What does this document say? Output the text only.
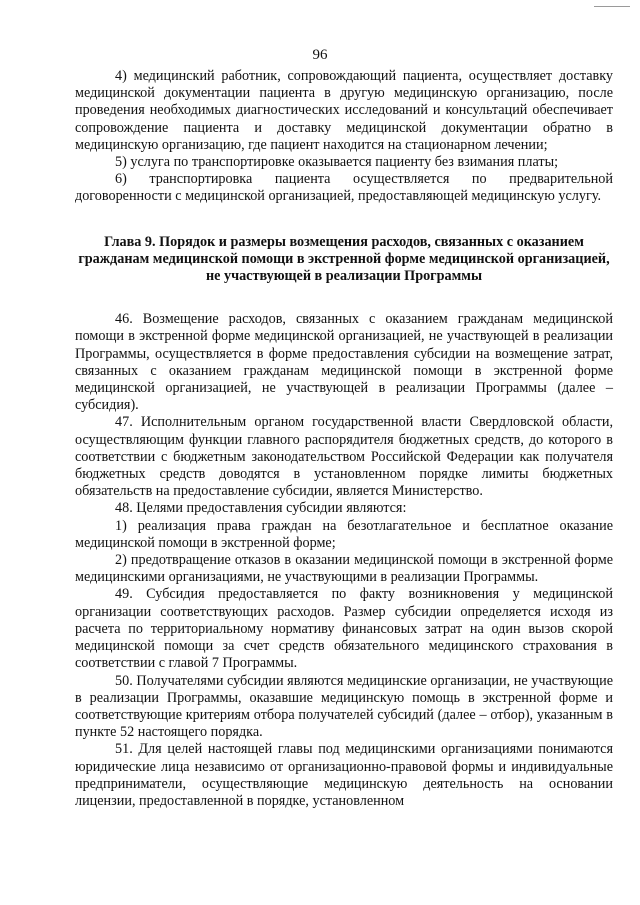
96

4) медицинский работник, сопровождающий пациента, осуществляет доставку медицинской документации пациента в другую медицинскую организацию, после проведения необходимых диагностических исследований и консультаций обеспечивает сопровождение пациента и доставку медицинской документации обратно в медицинскую организацию, где пациент находится на стационарном лечении;

5) услуга по транспортировке оказывается пациенту без взимания платы;

6) транспортировка пациента осуществляется по предварительной договоренности с медицинской организацией, предоставляющей медицинскую услугу.

Глава 9. Порядок и размеры возмещения расходов, связанных с оказанием гражданам медицинской помощи в экстренной форме медицинской организацией, не участвующей в реализации Программы

46. Возмещение расходов, связанных с оказанием гражданам медицинской помощи в экстренной форме медицинской организацией, не участвующей в реализации Программы, осуществляется в форме предоставления субсидии на возмещение затрат, связанных с оказанием гражданам медицинской помощи в экстренной форме медицинской организацией, не участвующей в реализации Программы (далее – субсидия).

47. Исполнительным органом государственной власти Свердловской области, осуществляющим функции главного распорядителя бюджетных средств, до которого в соответствии с бюджетным законодательством Российской Федерации как получателя бюджетных средств доводятся в установленном порядке лимиты бюджетных обязательств на предоставление субсидии, является Министерство.

48. Целями предоставления субсидии являются:

1) реализация права граждан на безотлагательное и бесплатное оказание медицинской помощи в экстренной форме;

2) предотвращение отказов в оказании медицинской помощи в экстренной форме медицинскими организациями, не участвующими в реализации Программы.

49. Субсидия предоставляется по факту возникновения у медицинской организации соответствующих расходов. Размер субсидии определяется исходя из расчета по территориальному нормативу финансовых затрат на один вызов скорой медицинской помощи за счет средств обязательного медицинского страхования в соответствии с главой 7 Программы.

50. Получателями субсидии являются медицинские организации, не участвующие в реализации Программы, оказавшие медицинскую помощь в экстренной форме и соответствующие критериям отбора получателей субсидий (далее – отбор), указанным в пункте 52 настоящего порядка.

51. Для целей настоящей главы под медицинскими организациями понимаются юридические лица независимо от организационно-правовой формы и индивидуальные предприниматели, осуществляющие медицинскую деятельность на основании лицензии, предоставленной в порядке, установленном
